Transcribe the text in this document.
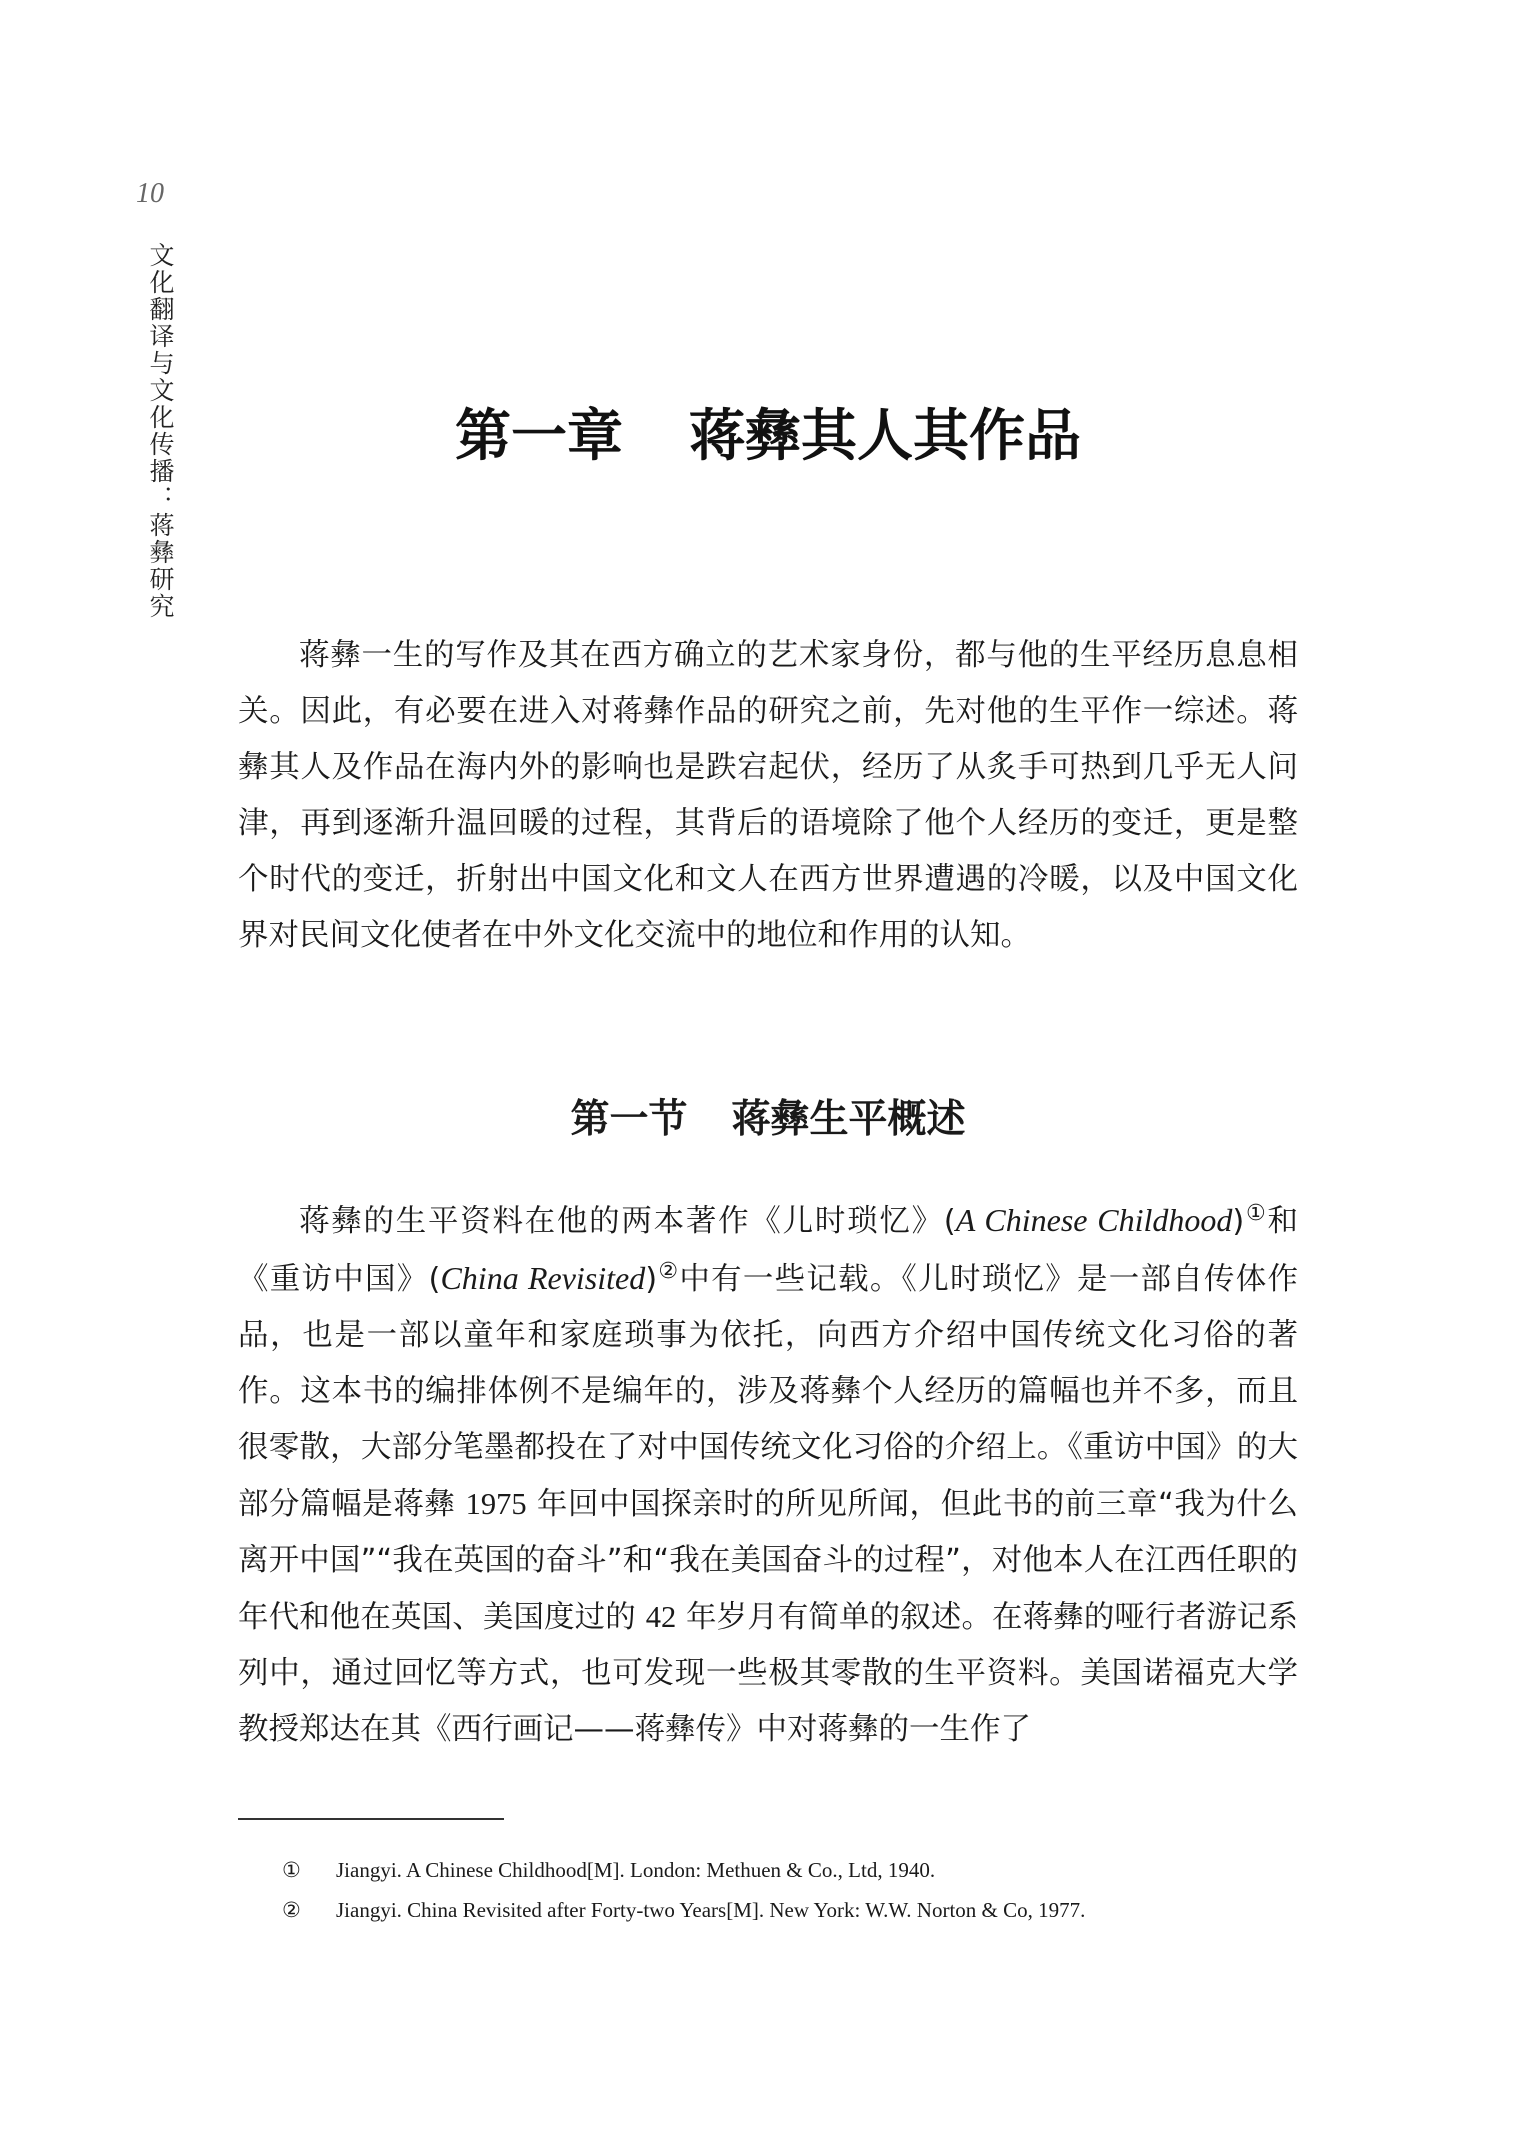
10
文化翻译与文化传播：蒋彝研究	第一章 蒋彝其人其作品

蒋彝一生的写作及其在西方确立的艺术家身份，都与他的生平经历息息相关。因此，有必要在进入对蒋彝作品的研究之前，先对他的生平作一综述。蒋彝其人及作品在海内外的影响也是跌宕起伏，经历了从炙手可热到几乎无人问津，再到逐渐升温回暖的过程，其背后的语境除了他个人经历的变迁，更是整个时代的变迁，折射出中国文化和文人在西方世界遭遇的冷暖，以及中国文化界对民间文化使者在中外文化交流中的地位和作用的认知。

第一节 蒋彝生平概述

蒋彝的生平资料在他的两本著作《儿时琐忆》(A Chinese Childhood)①和《重访中国》(China Revisited)②中有一些记载。《儿时琐忆》是一部自传体作品，也是一部以童年和家庭琐事为依托，向西方介绍中国传统文化习俗的著作。这本书的编排体例不是编年的，涉及蒋彝个人经历的篇幅也并不多，而且很零散，大部分笔墨都投在了对中国传统文化习俗的介绍上。《重访中国》的大部分篇幅是蒋彝 1975 年回中国探亲时的所见所闻，但此书的前三章“我为什么离开中国”“我在英国的奋斗”和“我在美国奋斗的过程”，对他本人在江西任职的年代和他在英国、美国度过的 42 年岁月有简单的叙述。在蒋彝的哑行者游记系列中，通过回忆等方式，也可发现一些极其零散的生平资料。美国诺福克大学教授郑达在其《西行画记——蒋彝传》中对蒋彝的一生作了

①	Jiangyi. A Chinese Childhood[M]. London: Methuen & Co., Ltd, 1940.
②	Jiangyi. China Revisited after Forty-two Years[M]. New York: W.W. Norton & Co, 1977.
